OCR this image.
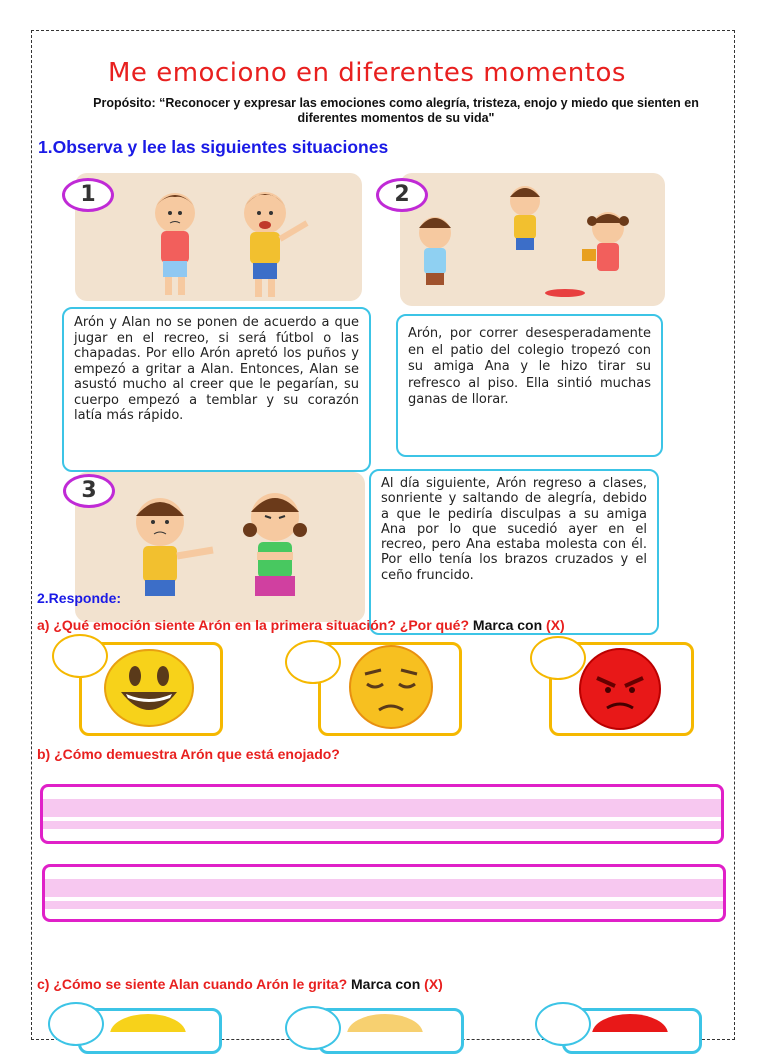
Me emociono en diferentes momentos
Propósito: “Reconocer y expresar las emociones como alegría, tristeza, enojo y miedo que sienten en diferentes momentos de su vida"
1.Observa y lee las siguientes situaciones
1	2
Arón y Alan no se ponen de acuerdo a que jugar en el recreo, si será fútbol o las chapadas. Por ello Arón apretó los puños y empezó a gritar a Alan. Entonces, Alan se asustó mucho al creer que le pegarían, su cuerpo empezó a temblar y su corazón latía más rápido.
Arón, por correr desesperadamente en el patio del colegio tropezó con su amiga Ana y le hizo tirar su refresco al piso. Ella sintió muchas ganas de llorar.
3	Al día siguiente, Arón regreso a clases, sonriente y saltando de alegría, debido a que le pediría disculpas a su amiga Ana por lo que sucedió ayer en el recreo, pero Ana estaba molesta con él. Por ello tenía los brazos cruzados y el ceño fruncido.
2.Responde:
a) ¿Qué emoción siente Arón en la primera situación? ¿Por qué? Marca con (X)
b) ¿Cómo demuestra Arón que está enojado?
c) ¿Cómo se siente Alan cuando Arón le grita? Marca con (X)
